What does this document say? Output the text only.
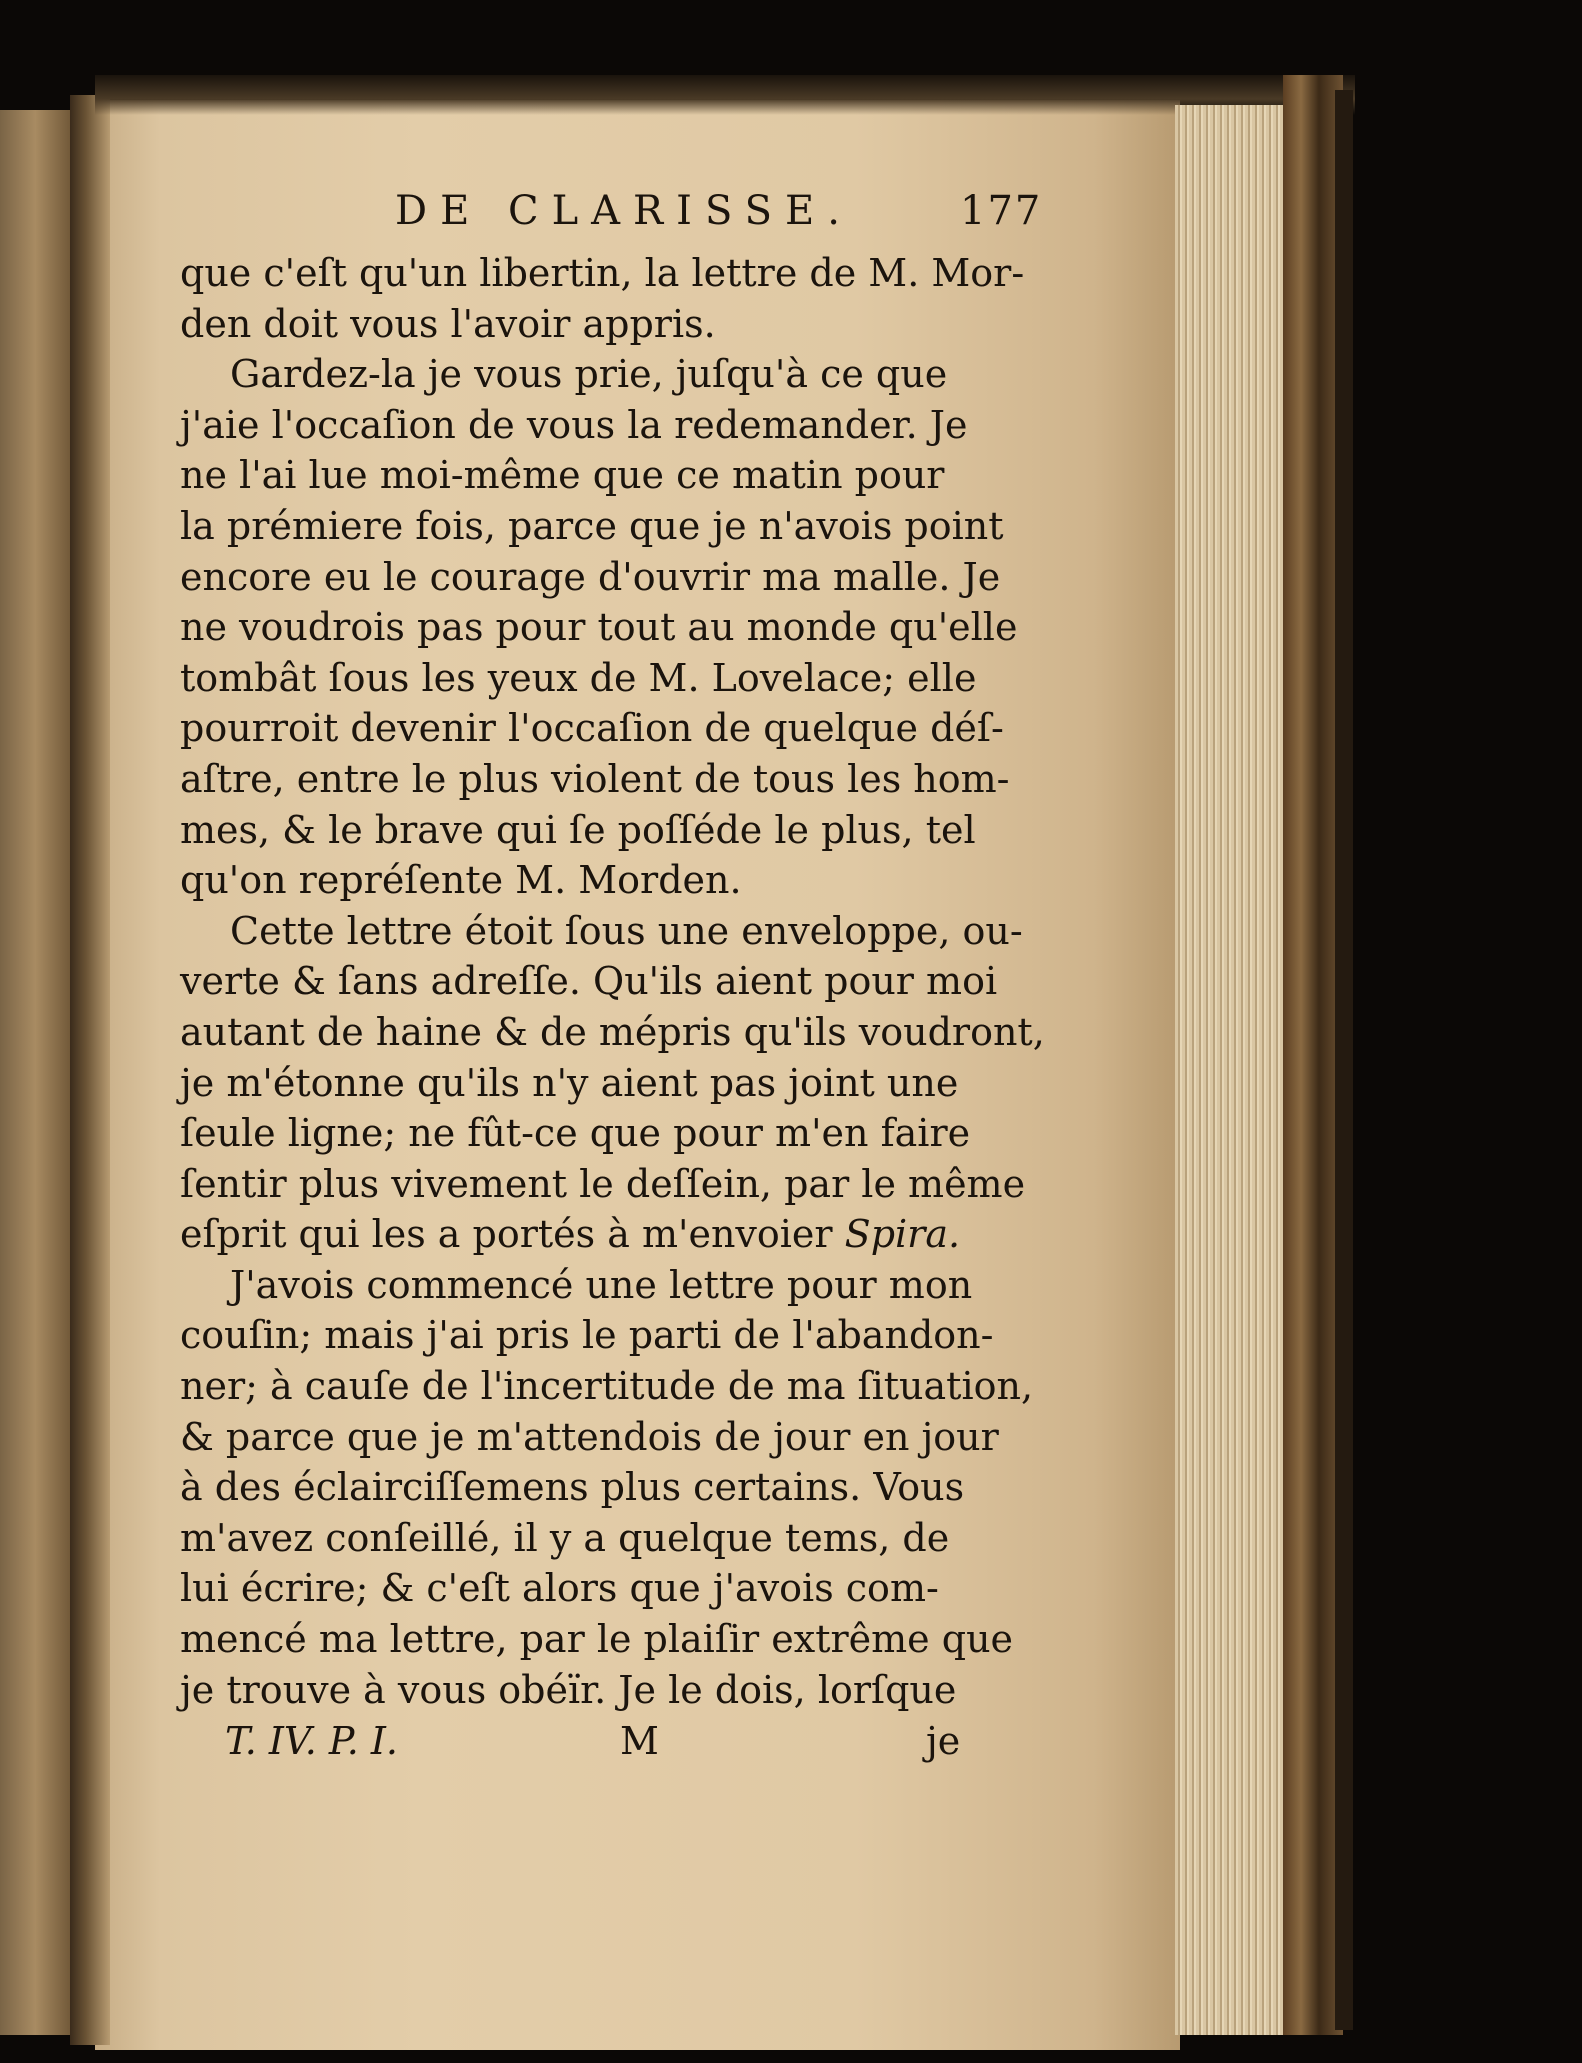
DE CLARISSE.	177
que c'eſt qu'un libertin, la lettre de M. Mor-
den doit vous l'avoir appris.
Gardez-la je vous prie, juſqu'à ce que
j'aie l'occaſion de vous la redemander. Je
ne l'ai lue moi-même que ce matin pour
la prémiere fois, parce que je n'avois point
encore eu le courage d'ouvrir ma malle. Je
ne voudrois pas pour tout au monde qu'elle
tombât ſous les yeux de M. Lovelace; elle
pourroit devenir l'occaſion de quelque déſ-
aſtre, entre le plus violent de tous les hom-
mes, & le brave qui ſe poſſéde le plus, tel
qu'on repréſente M. Morden.
Cette lettre étoit ſous une enveloppe, ou-
verte & ſans adreſſe. Qu'ils aient pour moi
autant de haine & de mépris qu'ils voudront,
je m'étonne qu'ils n'y aient pas joint une
ſeule ligne; ne fût-ce que pour m'en faire
ſentir plus vivement le deſſein, par le même
eſprit qui les a portés à m'envoier Spira.
J'avois commencé une lettre pour mon
couſin; mais j'ai pris le parti de l'abandon-
ner; à cauſe de l'incertitude de ma ſituation,
& parce que je m'attendois de jour en jour
à des éclairciſſemens plus certains. Vous
m'avez conſeillé, il y a quelque tems, de
lui écrire; & c'eſt alors que j'avois com-
mencé ma lettre, par le plaiſir extrême que
je trouve à vous obéïr. Je le dois, lorſque
T. IV. P. I.	M	je
